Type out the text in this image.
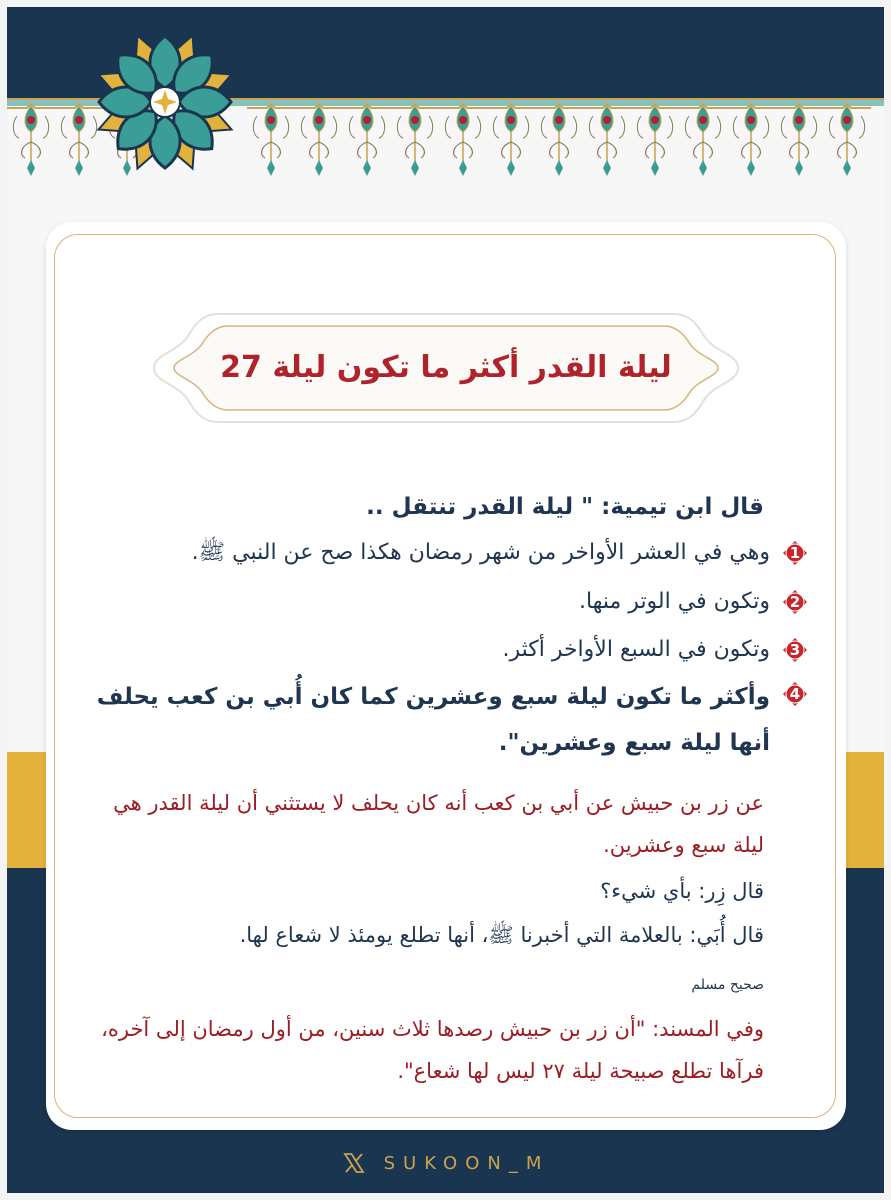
ليلة القدر أكثر ما تكون ليلة 27
قال ابن تيمية: " ليلة القدر تنتقل ..
1
وهي في العشر الأواخر من شهر رمضان هكذا صح عن النبي ﷺ.
2
وتكون في الوتر منها.
3
وتكون في السبع الأواخر أكثر.
4
وأكثر ما تكون ليلة سبع وعشرين كما كان أُبي بن كعب يحلف أنها ليلة سبع وعشرين".
عن زر بن حبيش عن أبي بن كعب أنه كان يحلف لا يستثني أن ليلة القدر هي ليلة سبع وعشرين.
قال زِر: بأي شيء؟
قال أُبَي: بالعلامة التي أخبرنا ﷺ، أنها تطلع يومئذ لا شعاع لها.
صحيح مسلم
وفي المسند: "أن زر بن حبيش رصدها ثلاث سنين، من أول رمضان إلى آخره، فرآها تطلع صبيحة ليلة ٢٧ ليس لها شعاع".
SUKOON_M
